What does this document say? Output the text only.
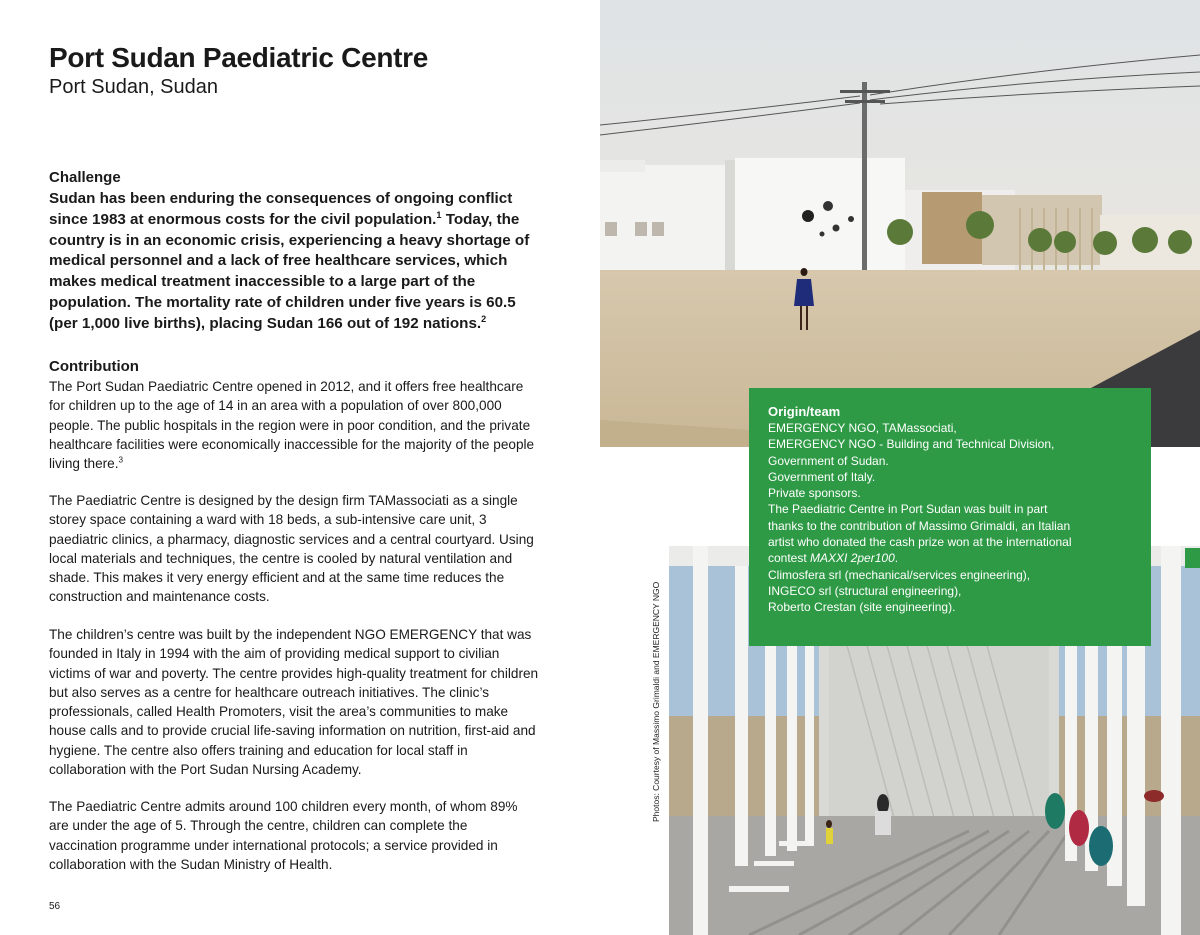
Port Sudan Paediatric Centre
Port Sudan, Sudan
Challenge

Sudan has been enduring the consequences of ongoing conflict since 1983 at enormous costs for the civil population.$^1$ Today, the country is in an economic crisis, experiencing a heavy shortage of medical personnel and a lack of free healthcare services, which makes medical treatment inaccessible to a large part of the population. The mortality rate of children under five years is 60.5 (per 1,000 live births), placing Sudan 166 out of 192 nations.$^2$

Contribution

The Port Sudan Paediatric Centre opened in 2012, and it offers free healthcare for children up to the age of 14 in an area with a population of over 800,000 people. The public hospitals in the region were in poor condition, and the private healthcare facilities were economically inaccessible for the majority of the people living there.$^3$

The Paediatric Centre is designed by the design firm TAMassociati as a single storey space containing a ward with 18 beds, a sub-intensive care unit, 3 paediatric clinics, a pharmacy, diagnostic services and a central courtyard. Using local materials and techniques, the centre is cooled by natural ventilation and shade. This makes it very energy efficient and at the same time reduces the construction and maintenance costs.

The children’s centre was built by the independent NGO EMERGENCY that was founded in Italy in 1994 with the aim of providing medical support to civilian victims of war and poverty. The centre provides high-quality treatment for children but also serves as a centre for healthcare outreach initiatives. The clinic’s professionals, called Health Promoters, visit the area’s communities to make house calls and to provide crucial life-saving information on nutrition, first-aid and hygiene. The centre also offers training and education for local staff in collaboration with the Port Sudan Nursing Academy.

The Paediatric Centre admits around 100 children every month, of whom 89% are under the age of 5. Through the centre, children can complete the vaccination programme under international protocols; a service provided in collaboration with the Sudan Ministry of Health.

56

Photos: Courtesy of Massimo Grimaldi and EMERGENCY NGO

Origin/team

EMERGENCY NGO, TAMassociati,

EMERGENCY NGO - Building and Technical Division,

Government of Sudan.

Government of Italy.

Private sponsors.

The Paediatric Centre in Port Sudan was built in part

thanks to the contribution of Massimo Grimaldi, an Italian

artist who donated the cash prize won at the international

contest MAXXI 2per100.

Climosfera srl (mechanical/services engineering),

INGECO srl (structural engineering),

Roberto Crestan (site engineering).
